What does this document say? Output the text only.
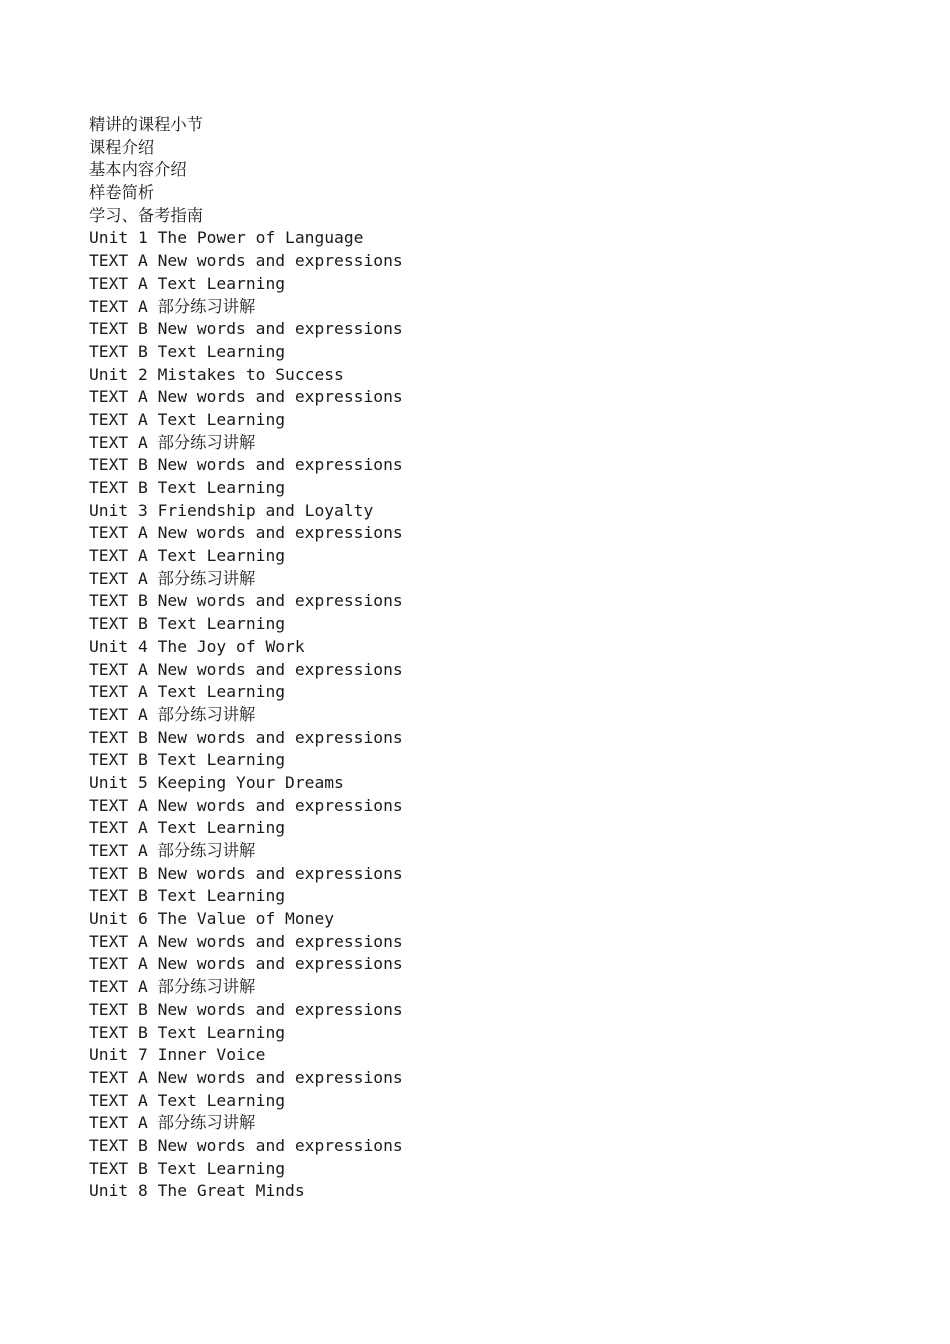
精讲的课程小节
课程介绍
基本内容介绍
样卷简析
学习、备考指南
Unit 1 The Power of Language
TEXT A New words and expressions
TEXT A Text Learning
TEXT A 部分练习讲解
TEXT B New words and expressions
TEXT B Text Learning
Unit 2 Mistakes to Success
TEXT A New words and expressions
TEXT A Text Learning
TEXT A 部分练习讲解
TEXT B New words and expressions
TEXT B Text Learning
Unit 3 Friendship and Loyalty
TEXT A New words and expressions
TEXT A Text Learning
TEXT A 部分练习讲解
TEXT B New words and expressions
TEXT B Text Learning
Unit 4 The Joy of Work
TEXT A New words and expressions
TEXT A Text Learning
TEXT A 部分练习讲解
TEXT B New words and expressions
TEXT B Text Learning
Unit 5 Keeping Your Dreams
TEXT A New words and expressions
TEXT A Text Learning
TEXT A 部分练习讲解
TEXT B New words and expressions
TEXT B Text Learning
Unit 6 The Value of Money
TEXT A New words and expressions
TEXT A New words and expressions
TEXT A 部分练习讲解
TEXT B New words and expressions
TEXT B Text Learning
Unit 7 Inner Voice
TEXT A New words and expressions
TEXT A Text Learning
TEXT A 部分练习讲解
TEXT B New words and expressions
TEXT B Text Learning
Unit 8 The Great Minds
